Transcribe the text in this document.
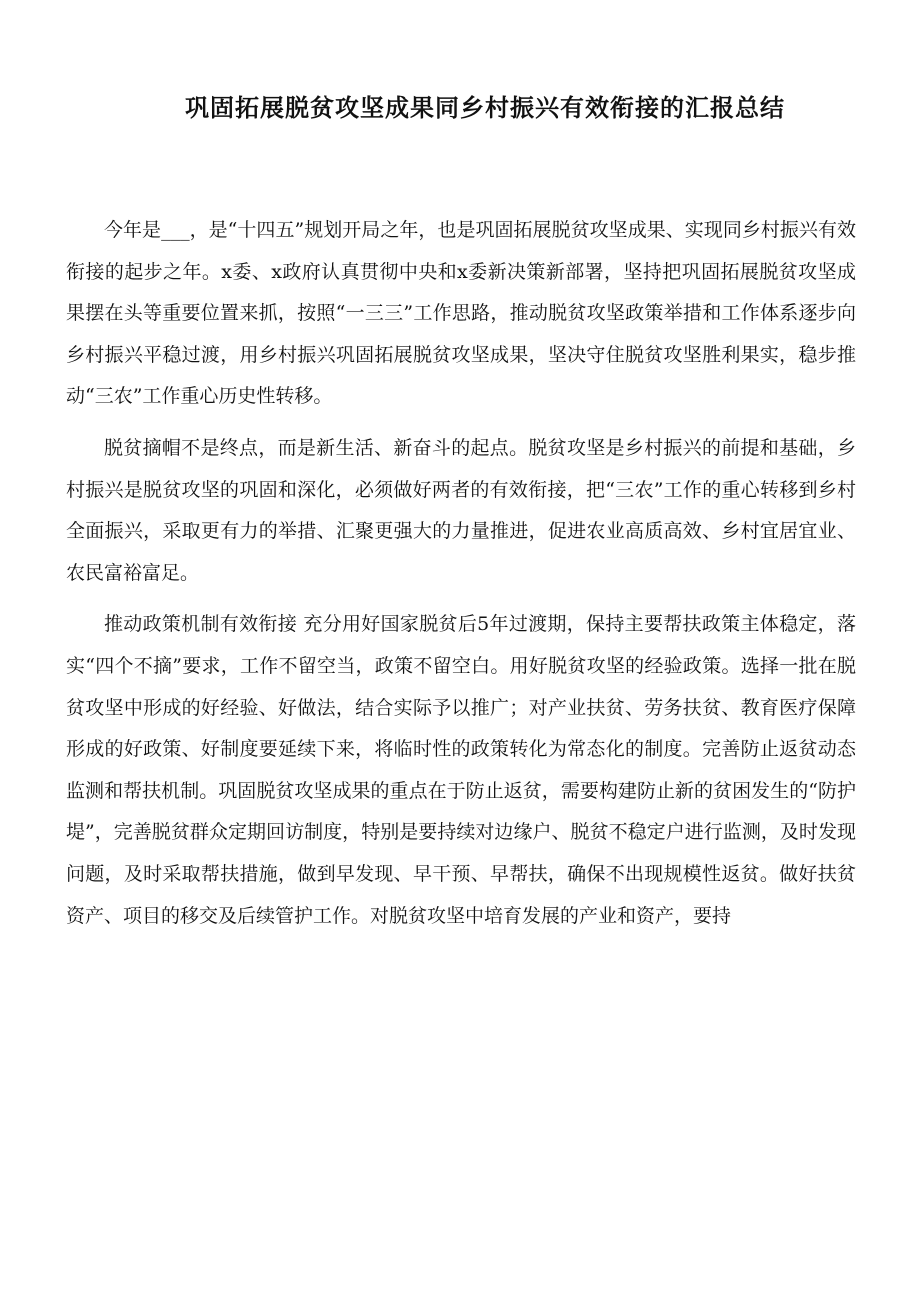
巩固拓展脱贫攻坚成果同乡村振兴有效衔接的汇报总结

今年是___，是“十四五”规划开局之年，也是巩固拓展脱贫攻坚成果、实现同乡村振兴有效衔接的起步之年。x委、x政府认真贯彻中央和x委新决策新部署，坚持把巩固拓展脱贫攻坚成果摆在头等重要位置来抓，按照“一三三”工作思路，推动脱贫攻坚政策举措和工作体系逐步向乡村振兴平稳过渡，用乡村振兴巩固拓展脱贫攻坚成果，坚决守住脱贫攻坚胜利果实，稳步推动“三农”工作重心历史性转移。

脱贫摘帽不是终点，而是新生活、新奋斗的起点。脱贫攻坚是乡村振兴的前提和基础，乡村振兴是脱贫攻坚的巩固和深化，必须做好两者的有效衔接，把“三农”工作的重心转移到乡村全面振兴，采取更有力的举措、汇聚更强大的力量推进，促进农业高质高效、乡村宜居宜业、农民富裕富足。

推动政策机制有效衔接 充分用好国家脱贫后5年过渡期，保持主要帮扶政策主体稳定，落实“四个不摘”要求，工作不留空当，政策不留空白。用好脱贫攻坚的经验政策。选择一批在脱贫攻坚中形成的好经验、好做法，结合实际予以推广；对产业扶贫、劳务扶贫、教育医疗保障形成的好政策、好制度要延续下来，将临时性的政策转化为常态化的制度。完善防止返贫动态监测和帮扶机制。巩固脱贫攻坚成果的重点在于防止返贫，需要构建防止新的贫困发生的“防护堤”，完善脱贫群众定期回访制度，特别是要持续对边缘户、脱贫不稳定户进行监测，及时发现问题，及时采取帮扶措施，做到早发现、早干预、早帮扶，确保不出现规模性返贫。做好扶贫资产、项目的移交及后续管护工作。对脱贫攻坚中培育发展的产业和资产，要持
